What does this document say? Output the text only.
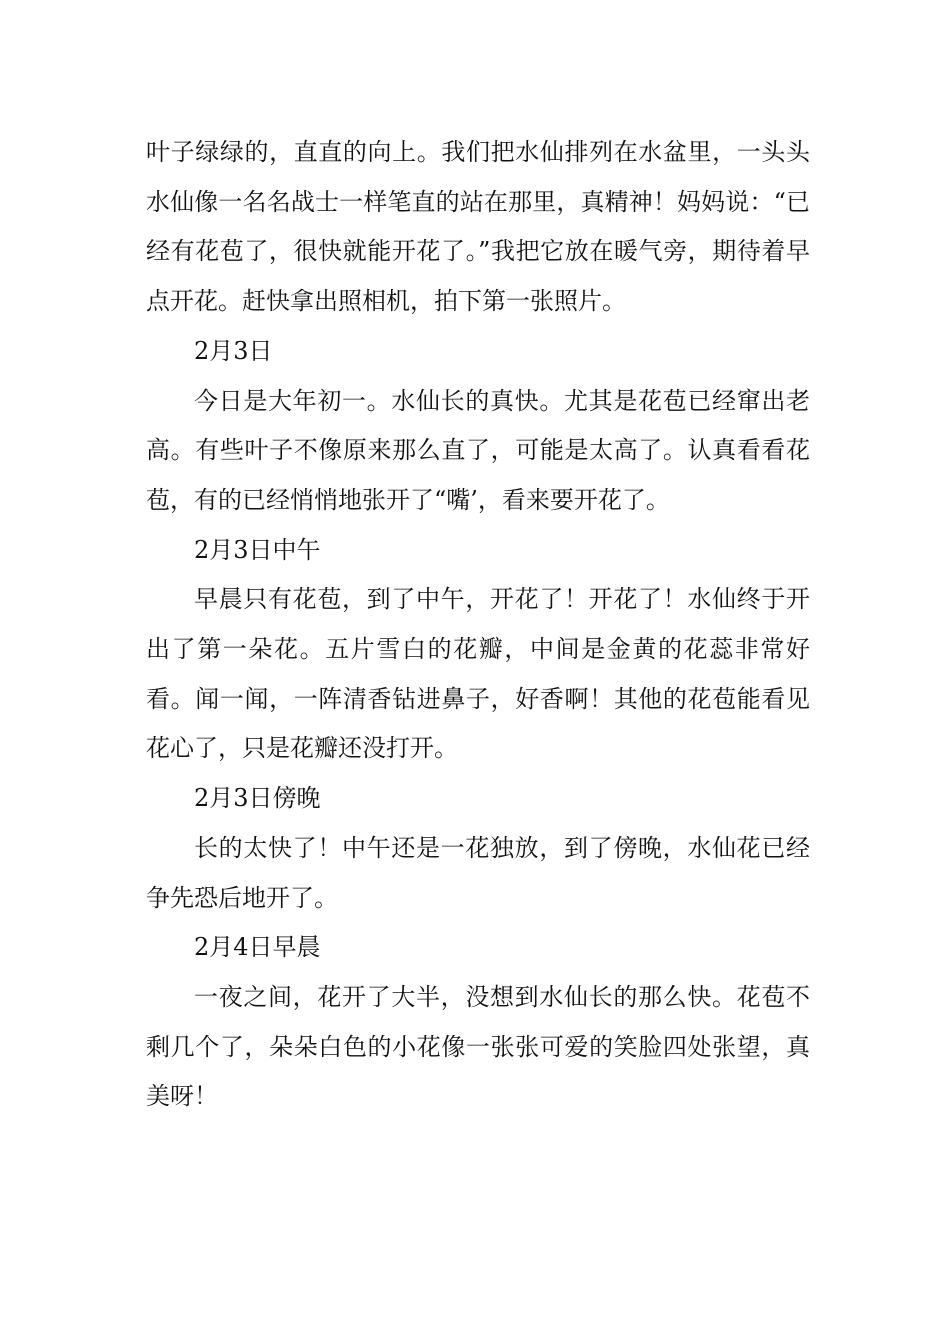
叶子绿绿的，直直的向上。我们把水仙排列在水盆里，一头头水仙像一名名战士一样笔直的站在那里，真精神！妈妈说：“已经有花苞了，很快就能开花了。”我把它放在暖气旁，期待着早点开花。赶快拿出照相机，拍下第一张照片。

2月3日

今日是大年初一。水仙长的真快。尤其是花苞已经窜出老高。有些叶子不像原来那么直了，可能是太高了。认真看看花苞，有的已经悄悄地张开了“嘴’，看来要开花了。

2月3日中午

早晨只有花苞，到了中午，开花了！开花了！水仙终于开出了第一朵花。五片雪白的花瓣，中间是金黄的花蕊非常好看。闻一闻，一阵清香钻进鼻子，好香啊！其他的花苞能看见花心了，只是花瓣还没打开。

2月3日傍晚

长的太快了！中午还是一花独放，到了傍晚，水仙花已经争先恐后地开了。

2月4日早晨

一夜之间，花开了大半，没想到水仙长的那么快。花苞不剩几个了，朵朵白色的小花像一张张可爱的笑脸四处张望，真美呀！
